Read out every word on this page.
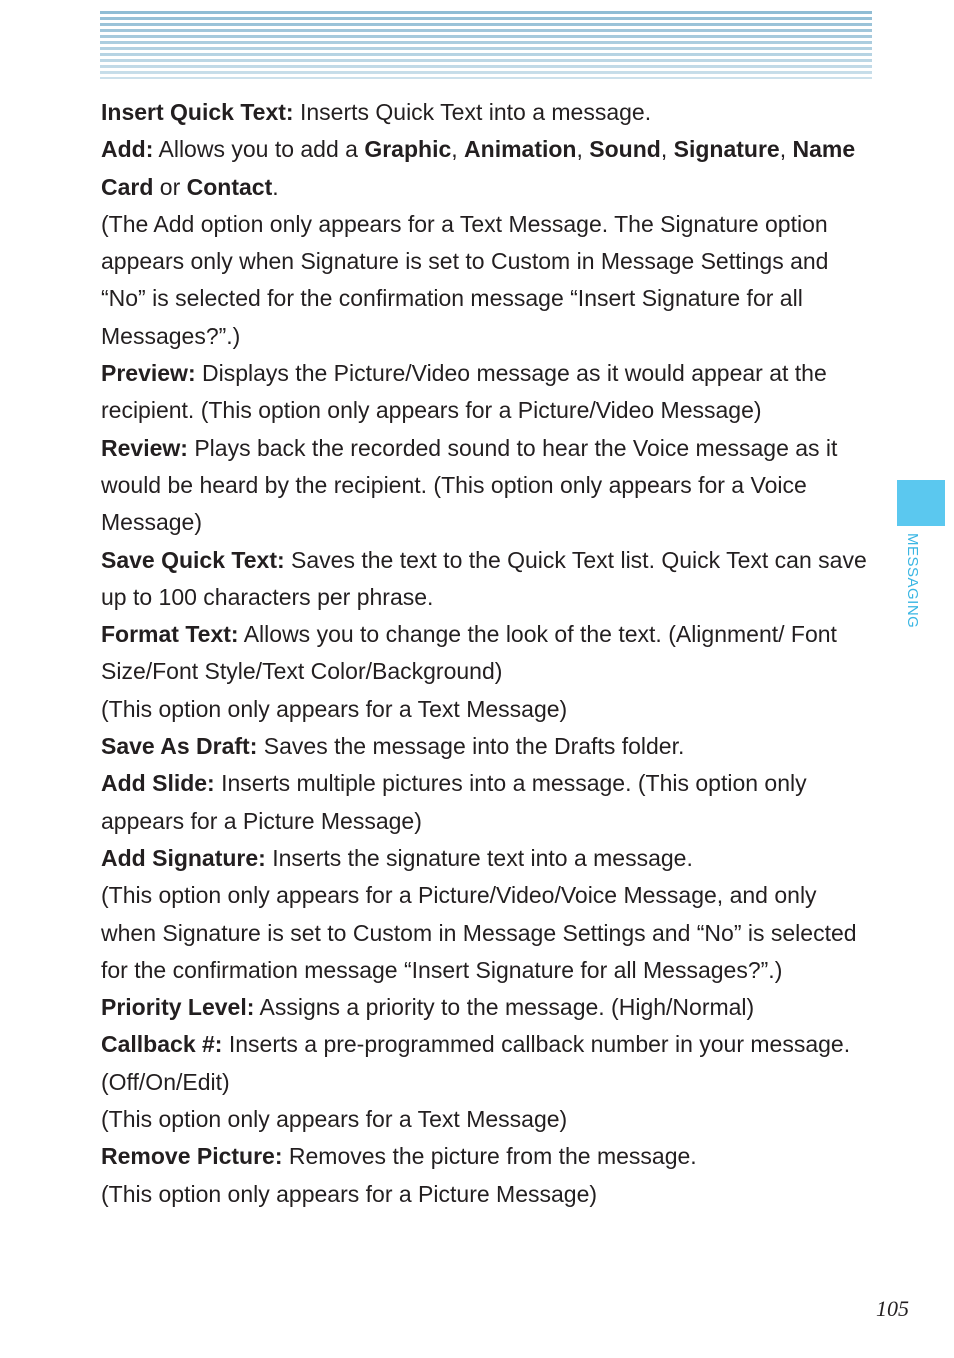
Insert Quick Text: Inserts Quick Text into a message.

Add: Allows you to add a Graphic, Animation, Sound, Signature, Name Card or Contact.

(The Add option only appears for a Text Message. The Signature option appears only when Signature is set to Custom in Message Settings and “No” is selected for the confirmation message “Insert Signature for all Messages?”.)

Preview: Displays the Picture/Video message as it would appear at the recipient. (This option only appears for a Picture/Video Message)

Review: Plays back the recorded sound to hear the Voice message as it would be heard by the recipient. (This option only appears for a Voice Message)

Save Quick Text: Saves the text to the Quick Text list. Quick Text can save up to 100 characters per phrase.

Format Text: Allows you to change the look of the text. (Alignment/ Font Size/Font Style/Text Color/Background)

(This option only appears for a Text Message)

Save As Draft: Saves the message into the Drafts folder.

Add Slide: Inserts multiple pictures into a message. (This option only appears for a Picture Message)

Add Signature: Inserts the signature text into a message.

(This option only appears for a Picture/Video/Voice Message, and only when Signature is set to Custom in Message Settings and “No” is selected for the confirmation message “Insert Signature for all Messages?”.)

Priority Level: Assigns a priority to the message. (High/Normal)

Callback #: Inserts a pre-programmed callback number in your message. (Off/On/Edit)

(This option only appears for a Text Message)

Remove Picture: Removes the picture from the message.

(This option only appears for a Picture Message)

MESSAGING
105
